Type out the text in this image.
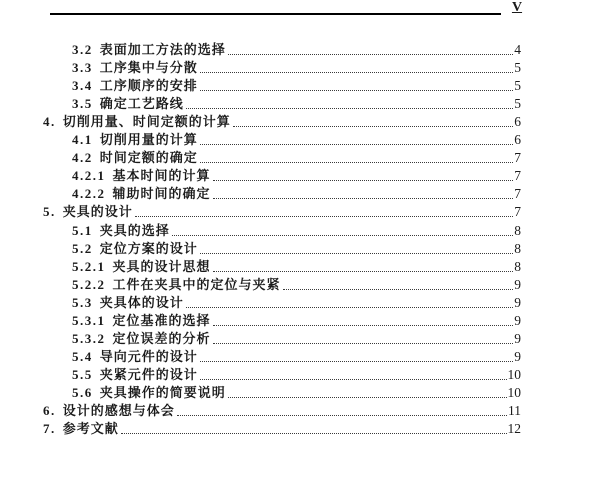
V
3.2 表面加工方法的选择	4
3.3 工序集中与分散	5
3.4 工序顺序的安排	5
3.5 确定工艺路线	5
4. 切削用量、时间定额的计算	6
4.1 切削用量的计算	6
4.2 时间定额的确定	7
4.2.1 基本时间的计算	7
4.2.2 辅助时间的确定	7
5. 夹具的设计	7
5.1 夹具的选择	8
5.2 定位方案的设计	8
5.2.1 夹具的设计思想	8
5.2.2 工件在夹具中的定位与夹紧	9
5.3 夹具体的设计	9
5.3.1 定位基准的选择	9
5.3.2 定位误差的分析	9
5.4 导向元件的设计	9
5.5 夹紧元件的设计	10
5.6 夹具操作的简要说明	10
6. 设计的感想与体会	11
7. 参考文献	12
